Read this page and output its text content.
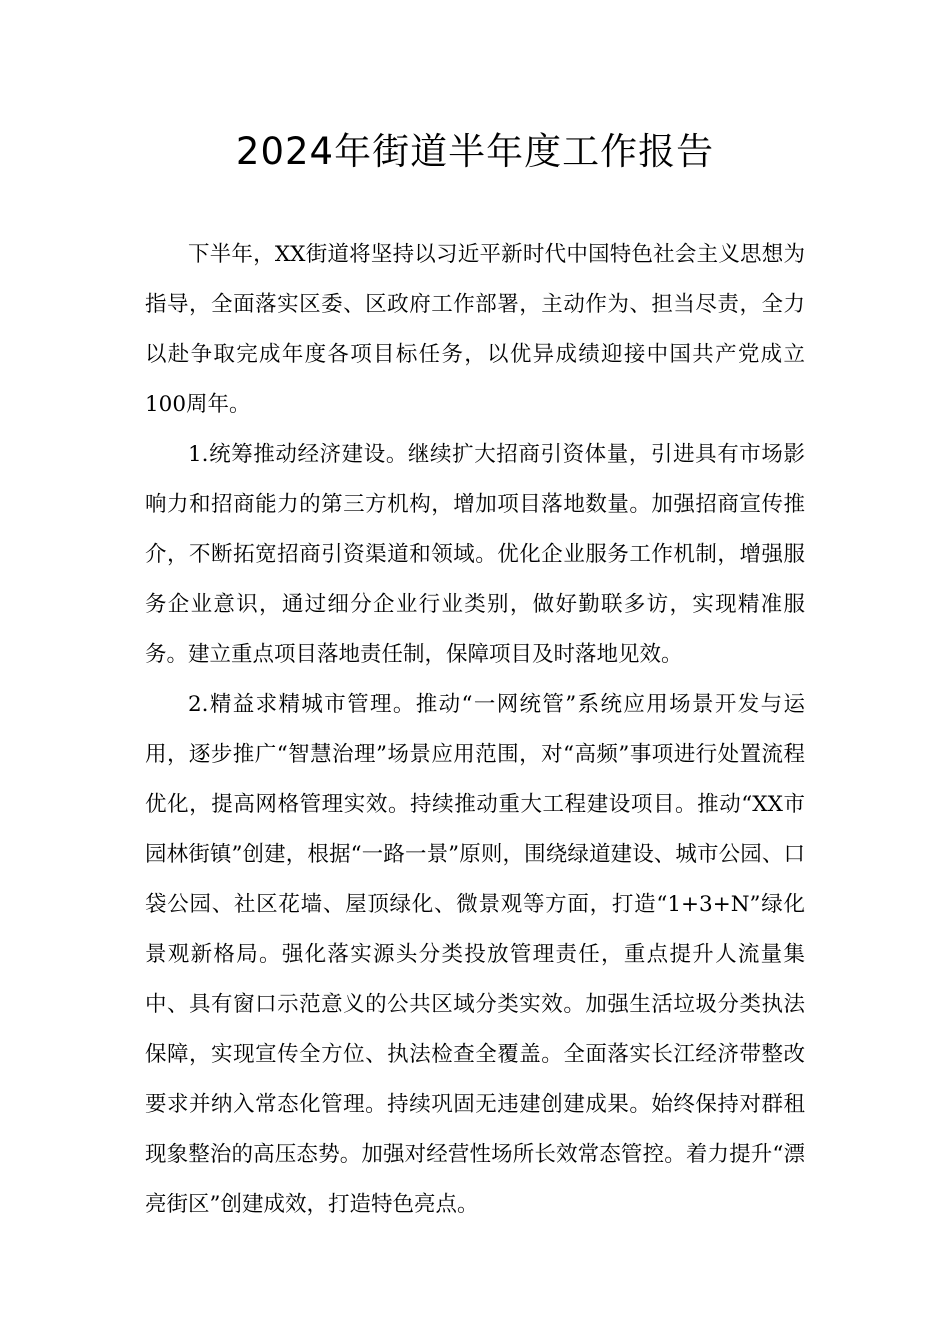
2024年街道半年度工作报告

下半年，XX街道将坚持以习近平新时代中国特色社会主义思想为指导，全面落实区委、区政府工作部署，主动作为、担当尽责，全力以赴争取完成年度各项目标任务，以优异成绩迎接中国共产党成立100周年。

1.统筹推动经济建设。继续扩大招商引资体量，引进具有市场影响力和招商能力的第三方机构，增加项目落地数量。加强招商宣传推介，不断拓宽招商引资渠道和领域。优化企业服务工作机制，增强服务企业意识，通过细分企业行业类别，做好勤联多访，实现精准服务。建立重点项目落地责任制，保障项目及时落地见效。

2.精益求精城市管理。推动“一网统管”系统应用场景开发与运用，逐步推广“智慧治理”场景应用范围，对“高频”事项进行处置流程优化，提高网格管理实效。持续推动重大工程建设项目。推动“XX市园林街镇”创建，根据“一路一景”原则，围绕绿道建设、城市公园、口袋公园、社区花墙、屋顶绿化、微景观等方面，打造“1+3+N”绿化景观新格局。强化落实源头分类投放管理责任，重点提升人流量集中、具有窗口示范意义的公共区域分类实效。加强生活垃圾分类执法保障，实现宣传全方位、执法检查全覆盖。全面落实长江经济带整改要求并纳入常态化管理。持续巩固无违建创建成果。始终保持对群租现象整治的高压态势。加强对经营性场所长效常态管控。着力提升“漂亮街区”创建成效，打造特色亮点。
